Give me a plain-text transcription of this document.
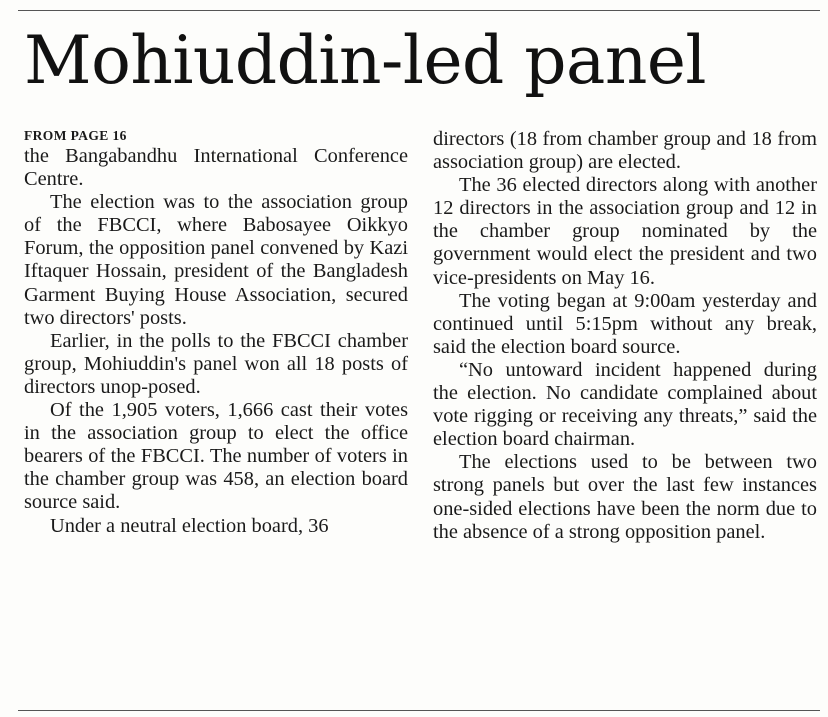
Mohiuddin-led panel
FROM PAGE 16

the Bangabandhu International Conference Centre.

The election was to the association group of the FBCCI, where Babosayee Oikkyo Forum, the opposition panel convened by Kazi Iftaquer Hossain, president of the Bangladesh Garment Buying House Association, secured two directors' posts.

Earlier, in the polls to the FBCCI chamber group, Mohiuddin's panel won all 18 posts of directors unop-posed.

Of the 1,905 voters, 1,666 cast their votes in the association group to elect the office bearers of the FBCCI. The number of voters in the chamber group was 458, an election board source said.

Under a neutral election board, 36

directors (18 from chamber group and 18 from association group) are elected.

The 36 elected directors along with another 12 directors in the association group and 12 in the chamber group nominated by the government would elect the president and two vice-presidents on May 16.

The voting began at 9:00am yesterday and continued until 5:15pm without any break, said the election board source.

“No untoward incident happened during the election. No candidate complained about vote rigging or receiving any threats,” said the election board chairman.

The elections used to be between two strong panels but over the last few instances one-sided elections have been the norm due to the absence of a strong opposition panel.
